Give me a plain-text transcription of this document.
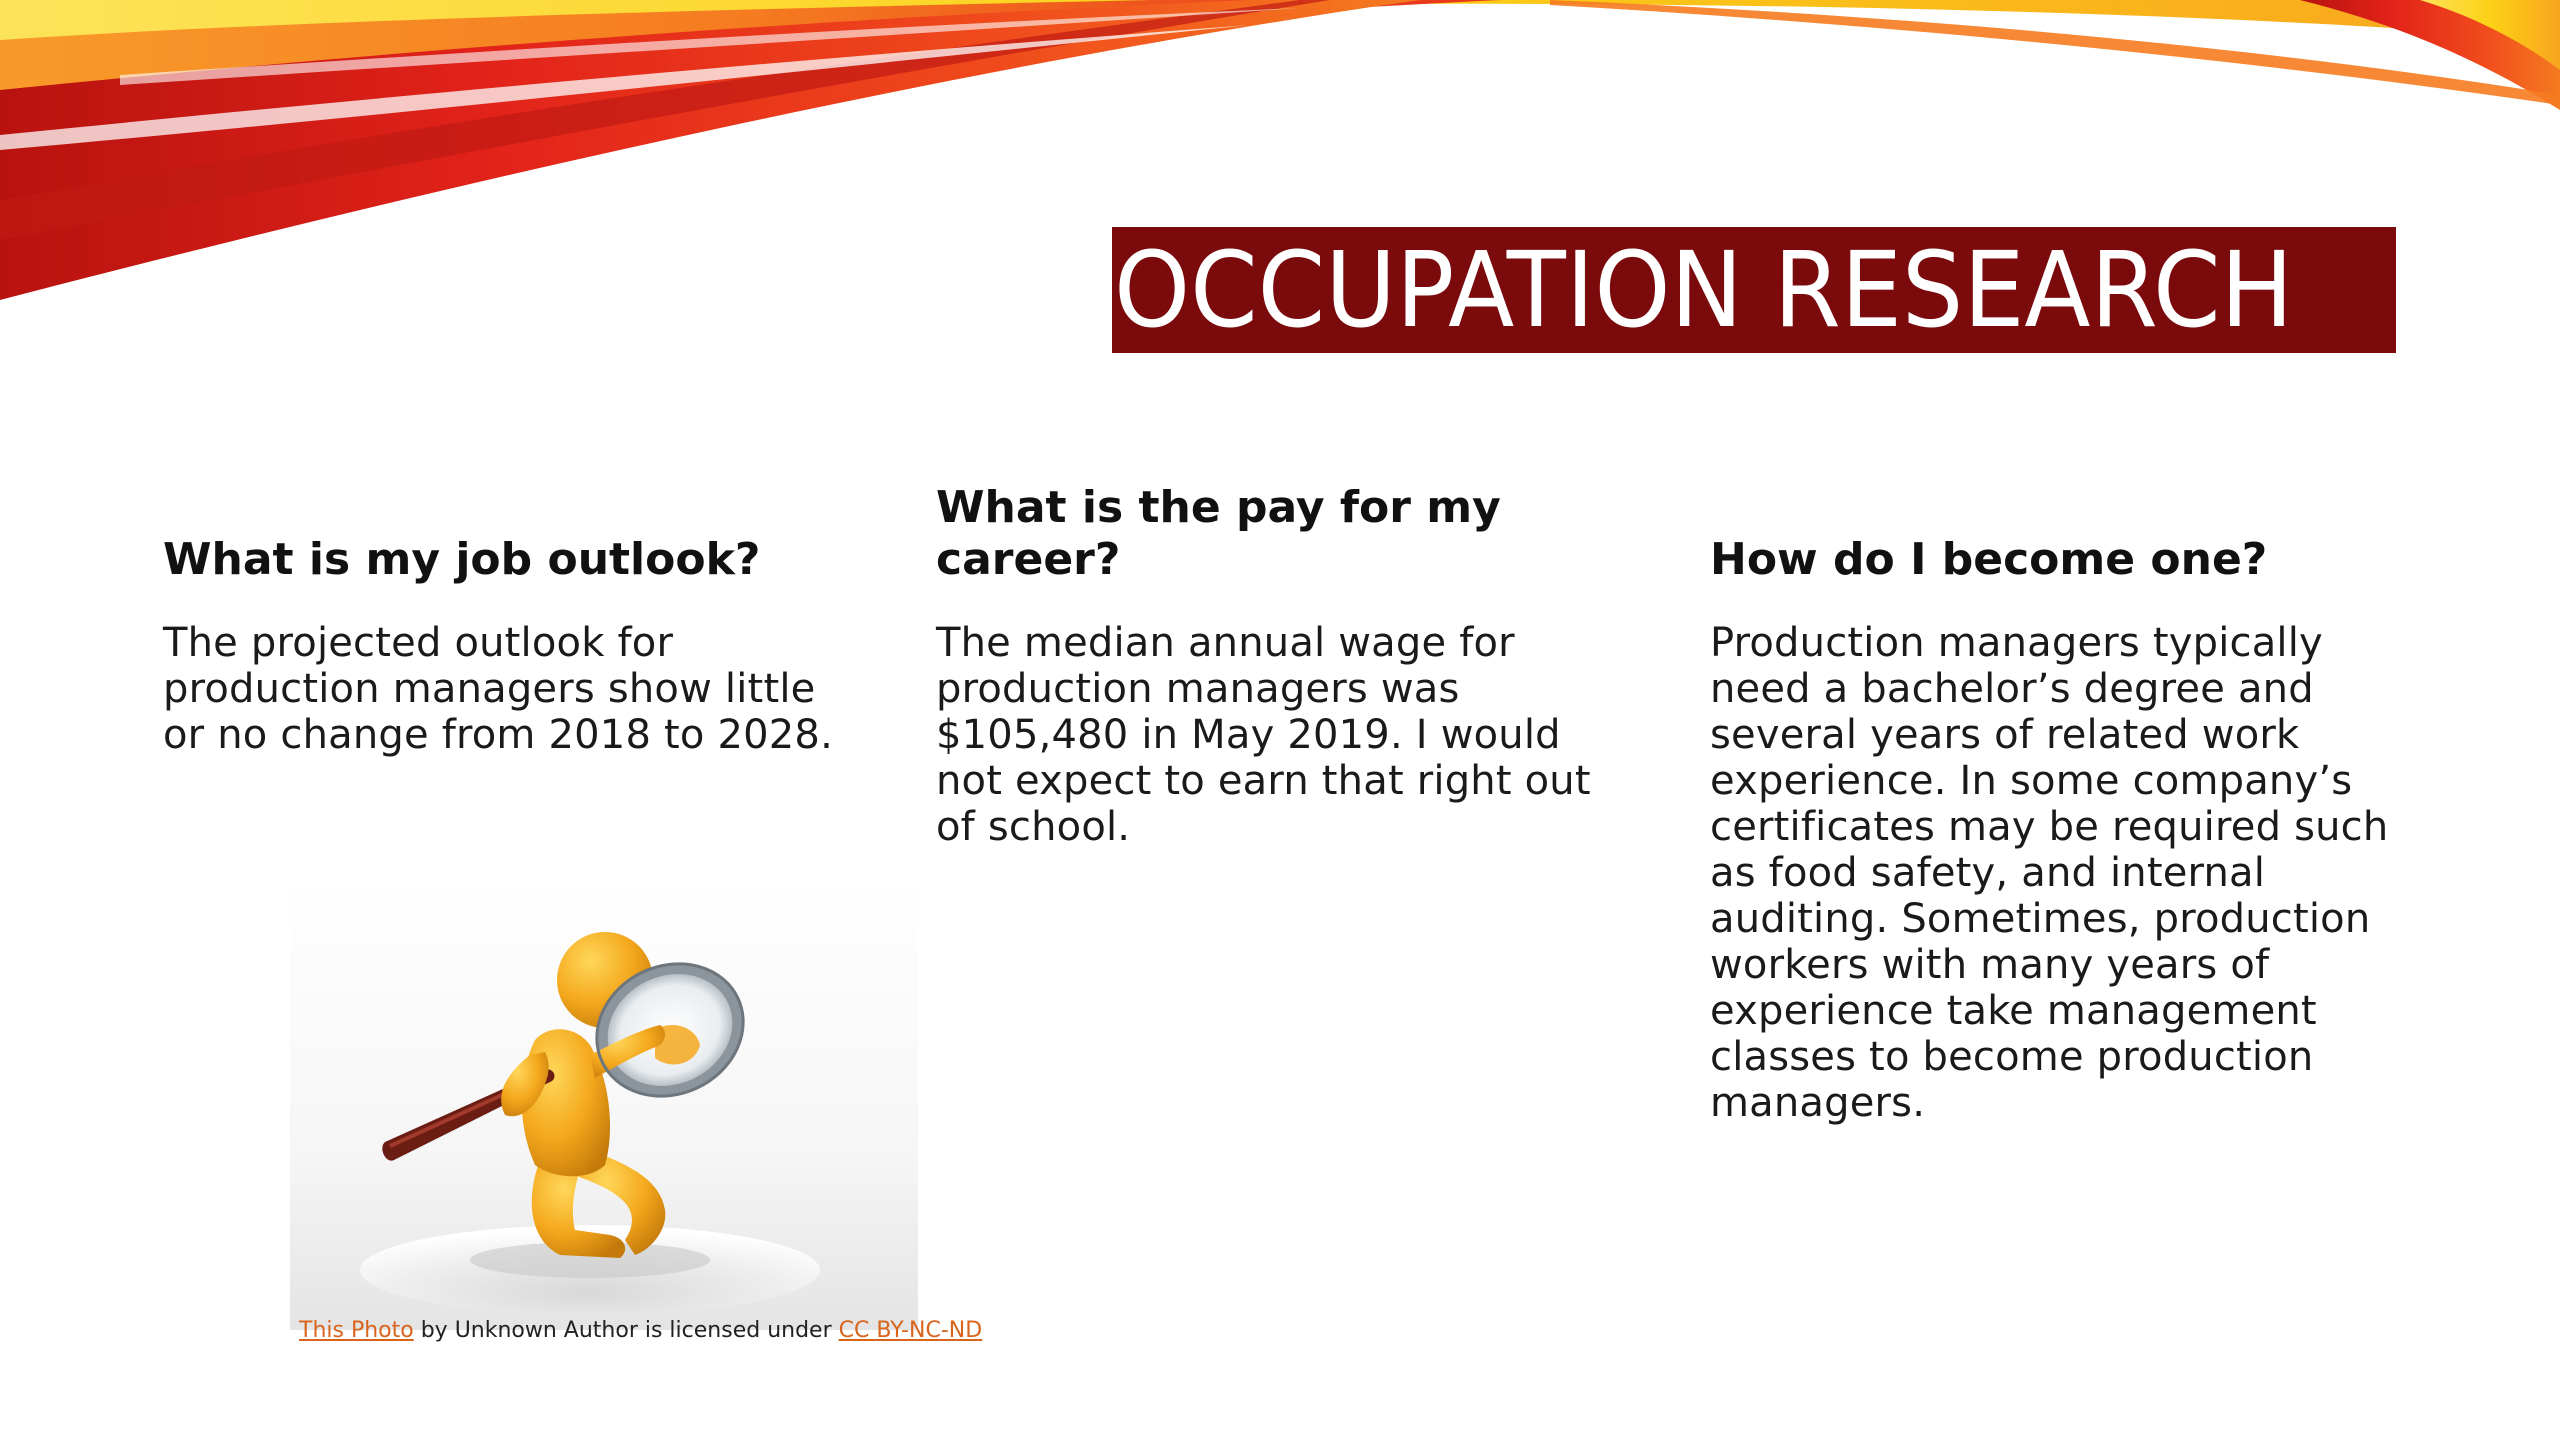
OCCUPATION RESEARCH
What is my job outlook?

The projected outlook for production managers show little or no change from 2018 to 2028.

What is the pay for my career?

The median annual wage for production managers was $105,480 in May 2019. I would not expect to earn that right out of school.

How do I become one?

Production managers typically need a bachelor’s degree and several years of related work experience. In some company’s certificates may be required such as food safety, and internal auditing. Sometimes, production workers with many years of experience take management classes to become production managers.

This Photo by Unknown Author is licensed under CC BY-NC-ND
